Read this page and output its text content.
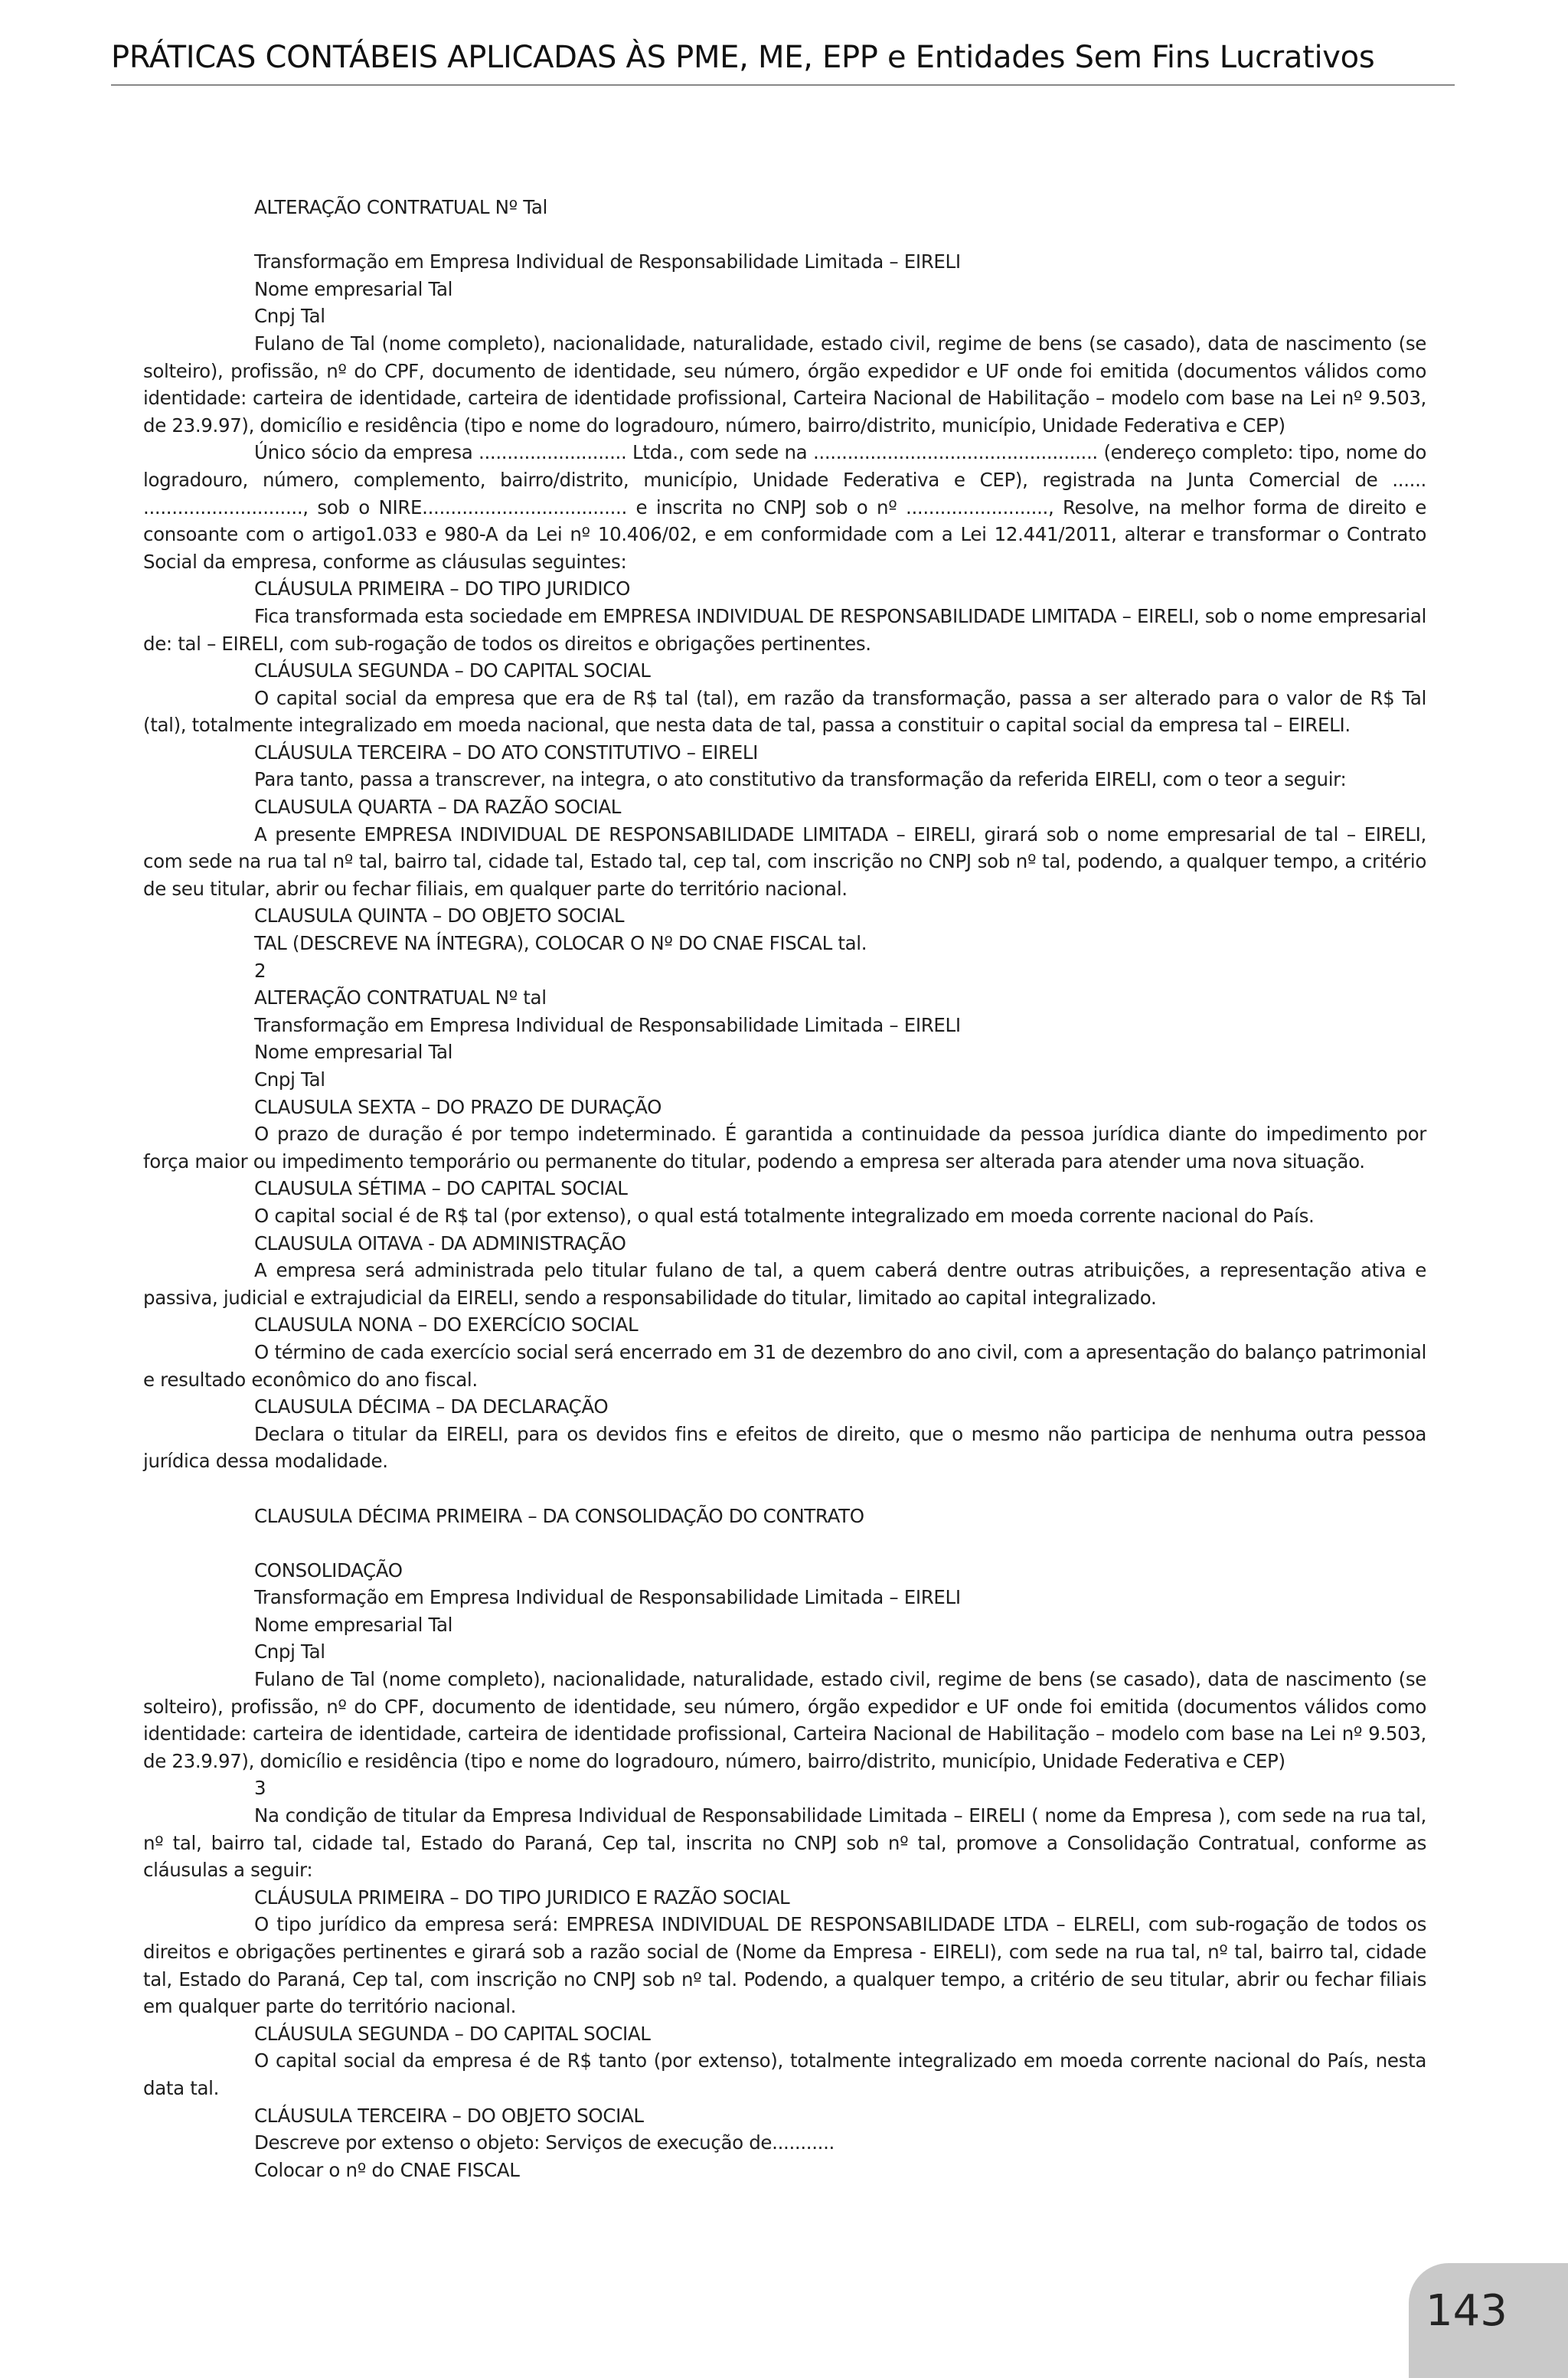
PRÁTICAS CONTÁBEIS APLICADAS ÀS PME, ME, EPP e Entidades Sem Fins Lucrativos

ALTERAÇÃO CONTRATUAL Nº Tal

Transformação em Empresa Individual de Responsabilidade Limitada – EIRELI

Nome empresarial Tal

Cnpj Tal

Fulano de Tal (nome completo), nacionalidade, naturalidade, estado civil, regime de bens (se casado), data de nascimento (se solteiro), profissão, nº do CPF, documento de identidade, seu número, órgão expedidor e UF onde foi emitida (documentos válidos como identidade: carteira de identidade, carteira de identidade profissional, Carteira Nacional de Habilitação – modelo com base na Lei nº 9.503, de 23.9.97), domicílio e residência (tipo e nome do logradouro, número, bairro/distrito, município, Unidade Federativa e CEP)

Único sócio da empresa .......................... Ltda., com sede na .................................................. (endereço completo: tipo, nome do logradouro, número, complemento, bairro/distrito, município, Unidade Federativa e CEP), registrada na Junta Comercial de ...... ............................, sob o NIRE.................................... e inscrita no CNPJ sob o nº ........................., Resolve, na melhor forma de direito e consoante com o artigo1.033 e 980-A da Lei nº 10.406/02, e em conformidade com a Lei 12.441/2011, alterar e transformar o Contrato Social da empresa, conforme as cláusulas seguintes:

CLÁUSULA PRIMEIRA – DO TIPO JURIDICO

Fica transformada esta sociedade em EMPRESA INDIVIDUAL DE RESPONSABILIDADE LIMITADA – EIRELI, sob o nome empresarial de: tal – EIRELI, com sub-rogação de todos os direitos e obrigações pertinentes.

CLÁUSULA SEGUNDA – DO CAPITAL SOCIAL

O capital social da empresa que era de R$ tal (tal), em razão da transformação, passa a ser alterado para o valor de R$ Tal (tal), totalmente integralizado em moeda nacional, que nesta data de tal, passa a constituir o capital social da empresa tal – EIRELI.

CLÁUSULA TERCEIRA – DO ATO CONSTITUTIVO – EIRELI

Para tanto, passa a transcrever, na integra, o ato constitutivo da transformação da referida EIRELI, com o teor a seguir:

CLAUSULA QUARTA – DA RAZÃO SOCIAL

A presente EMPRESA INDIVIDUAL DE RESPONSABILIDADE LIMITADA – EIRELI, girará sob o nome empresarial de tal – EIRELI, com sede na rua tal nº tal, bairro tal, cidade tal, Estado tal, cep tal, com inscrição no CNPJ sob nº tal, podendo, a qualquer tempo, a critério de seu titular, abrir ou fechar filiais, em qualquer parte do território nacional.

CLAUSULA QUINTA – DO OBJETO SOCIAL

TAL (DESCREVE NA ÍNTEGRA), COLOCAR O Nº DO CNAE FISCAL tal.

2

ALTERAÇÃO CONTRATUAL Nº tal

Transformação em Empresa Individual de Responsabilidade Limitada – EIRELI

Nome empresarial Tal

Cnpj Tal

CLAUSULA SEXTA – DO PRAZO DE DURAÇÃO

O prazo de duração é por tempo indeterminado. É garantida a continuidade da pessoa jurídica diante do impedimento por força maior ou impedimento temporário ou permanente do titular, podendo a empresa ser alterada para atender uma nova situação.

CLAUSULA SÉTIMA – DO CAPITAL SOCIAL

O capital social é de R$ tal (por extenso), o qual está totalmente integralizado em moeda corrente nacional do País.

CLAUSULA OITAVA - DA ADMINISTRAÇÃO

A empresa será administrada pelo titular fulano de tal, a quem caberá dentre outras atribuições, a representação ativa e passiva, judicial e extrajudicial da EIRELI, sendo a responsabilidade do titular, limitado ao capital integralizado.

CLAUSULA NONA – DO EXERCÍCIO SOCIAL

O término de cada exercício social será encerrado em 31 de dezembro do ano civil, com a apresentação do balanço patrimonial e resultado econômico do ano fiscal.

CLAUSULA DÉCIMA – DA DECLARAÇÃO

Declara o titular da EIRELI, para os devidos fins e efeitos de direito, que o mesmo não participa de nenhuma outra pessoa jurídica dessa modalidade.

CLAUSULA DÉCIMA PRIMEIRA – DA CONSOLIDAÇÃO DO CONTRATO

CONSOLIDAÇÃO

Transformação em Empresa Individual de Responsabilidade Limitada – EIRELI

Nome empresarial Tal

Cnpj Tal

Fulano de Tal (nome completo), nacionalidade, naturalidade, estado civil, regime de bens (se casado), data de nascimento (se solteiro), profissão, nº do CPF, documento de identidade, seu número, órgão expedidor e UF onde foi emitida (documentos válidos como identidade: carteira de identidade, carteira de identidade profissional, Carteira Nacional de Habilitação – modelo com base na Lei nº 9.503, de 23.9.97), domicílio e residência (tipo e nome do logradouro, número, bairro/distrito, município, Unidade Federativa e CEP)

3

Na condição de titular da Empresa Individual de Responsabilidade Limitada – EIRELI ( nome da Empresa ), com sede na rua tal, nº tal, bairro tal, cidade tal, Estado do Paraná, Cep tal, inscrita no CNPJ sob nº tal, promove a Consolidação Contratual, conforme as cláusulas a seguir:

CLÁUSULA PRIMEIRA – DO TIPO JURIDICO E RAZÃO SOCIAL

O tipo jurídico da empresa será: EMPRESA INDIVIDUAL DE RESPONSABILIDADE LTDA – ELRELI, com sub-rogação de todos os direitos e obrigações pertinentes e girará sob a razão social de (Nome da Empresa - EIRELI), com sede na rua tal, nº tal, bairro tal, cidade tal, Estado do Paraná, Cep tal, com inscrição no CNPJ sob nº tal. Podendo, a qualquer tempo, a critério de seu titular, abrir ou fechar filiais em qualquer parte do território nacional.

CLÁUSULA SEGUNDA – DO CAPITAL SOCIAL

O capital social da empresa é de R$ tanto (por extenso), totalmente integralizado em moeda corrente nacional do País, nesta data tal.

CLÁUSULA TERCEIRA – DO OBJETO SOCIAL

Descreve por extenso o objeto: Serviços de execução de...........

Colocar o nº do CNAE FISCAL

143
